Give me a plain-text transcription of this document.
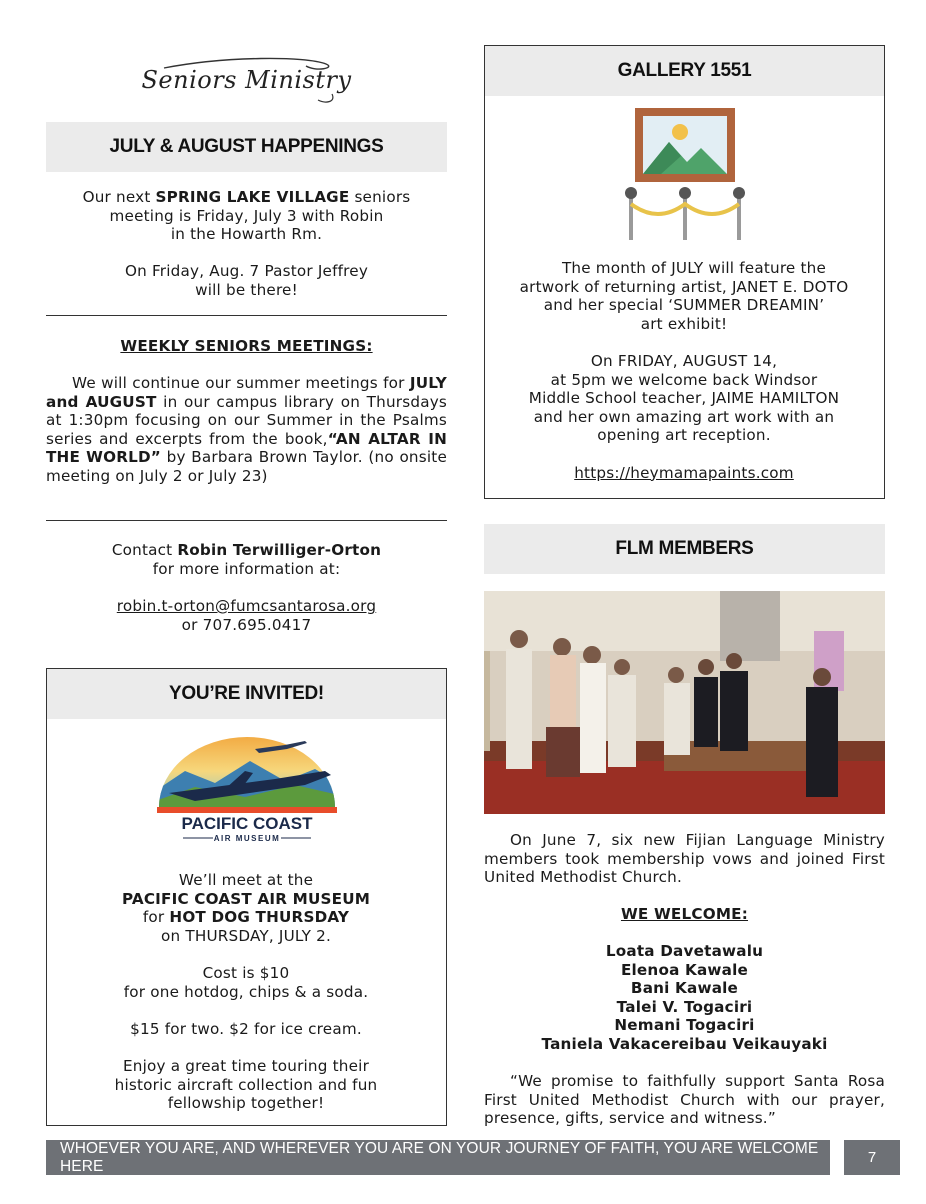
Seniors Ministry
JULY & AUGUST HAPPENINGS
Our next SPRING LAKE VILLAGE seniors
meeting is Friday, July 3 with Robin
in the Howarth Rm.
On Friday, Aug. 7 Pastor Jeffrey
will be there!
WEEKLY SENIORS MEETINGS:
We will continue our summer meetings for JULY and AUGUST in our campus library on Thursdays at 1:30pm focusing on our Summer in the Psalms series and excerpts from the book,“AN ALTAR IN THE WORLD” by Barbara Brown Taylor. (no onsite meeting on July 2 or July 23)
Contact Robin Terwilliger-Orton
for more information at:
robin.t-orton@fumcsantarosa.org
or 707.695.0417
YOU’RE INVITED!
PACIFIC COAST
AIR MUSEUM
We’ll meet at the
PACIFIC COAST AIR MUSEUM
for HOT DOG THURSDAY
on THURSDAY, JULY 2.
Cost is $10
for one hotdog, chips & a soda.
$15 for two. $2 for ice cream.
Enjoy a great time touring their
historic aircraft collection and fun
fellowship together!
GALLERY 1551
The month of JULY will feature the
artwork of returning artist, JANET E. DOTO
and her special ‘SUMMER DREAMIN’
art exhibit!
On FRIDAY, AUGUST 14,
at 5pm we welcome back Windsor
Middle School teacher, JAIME HAMILTON
and her own amazing art work with an
opening art reception.
https://heymamapaints.com
FLM MEMBERS
On June 7, six new Fijian Language Ministry members took membership vows and joined First United Methodist Church.
WE WELCOME:
Loata Davetawalu
Elenoa Kawale
Bani Kawale
Talei V. Togaciri
Nemani Togaciri
Taniela Vakacereibau Veikauyaki
“We promise to faithfully support Santa Rosa First United Methodist Church with our prayer, presence, gifts, service and witness.”
WHOEVER YOU ARE, AND WHEREVER YOU ARE ON YOUR JOURNEY OF FAITH, YOU ARE WELCOME HERE	7
